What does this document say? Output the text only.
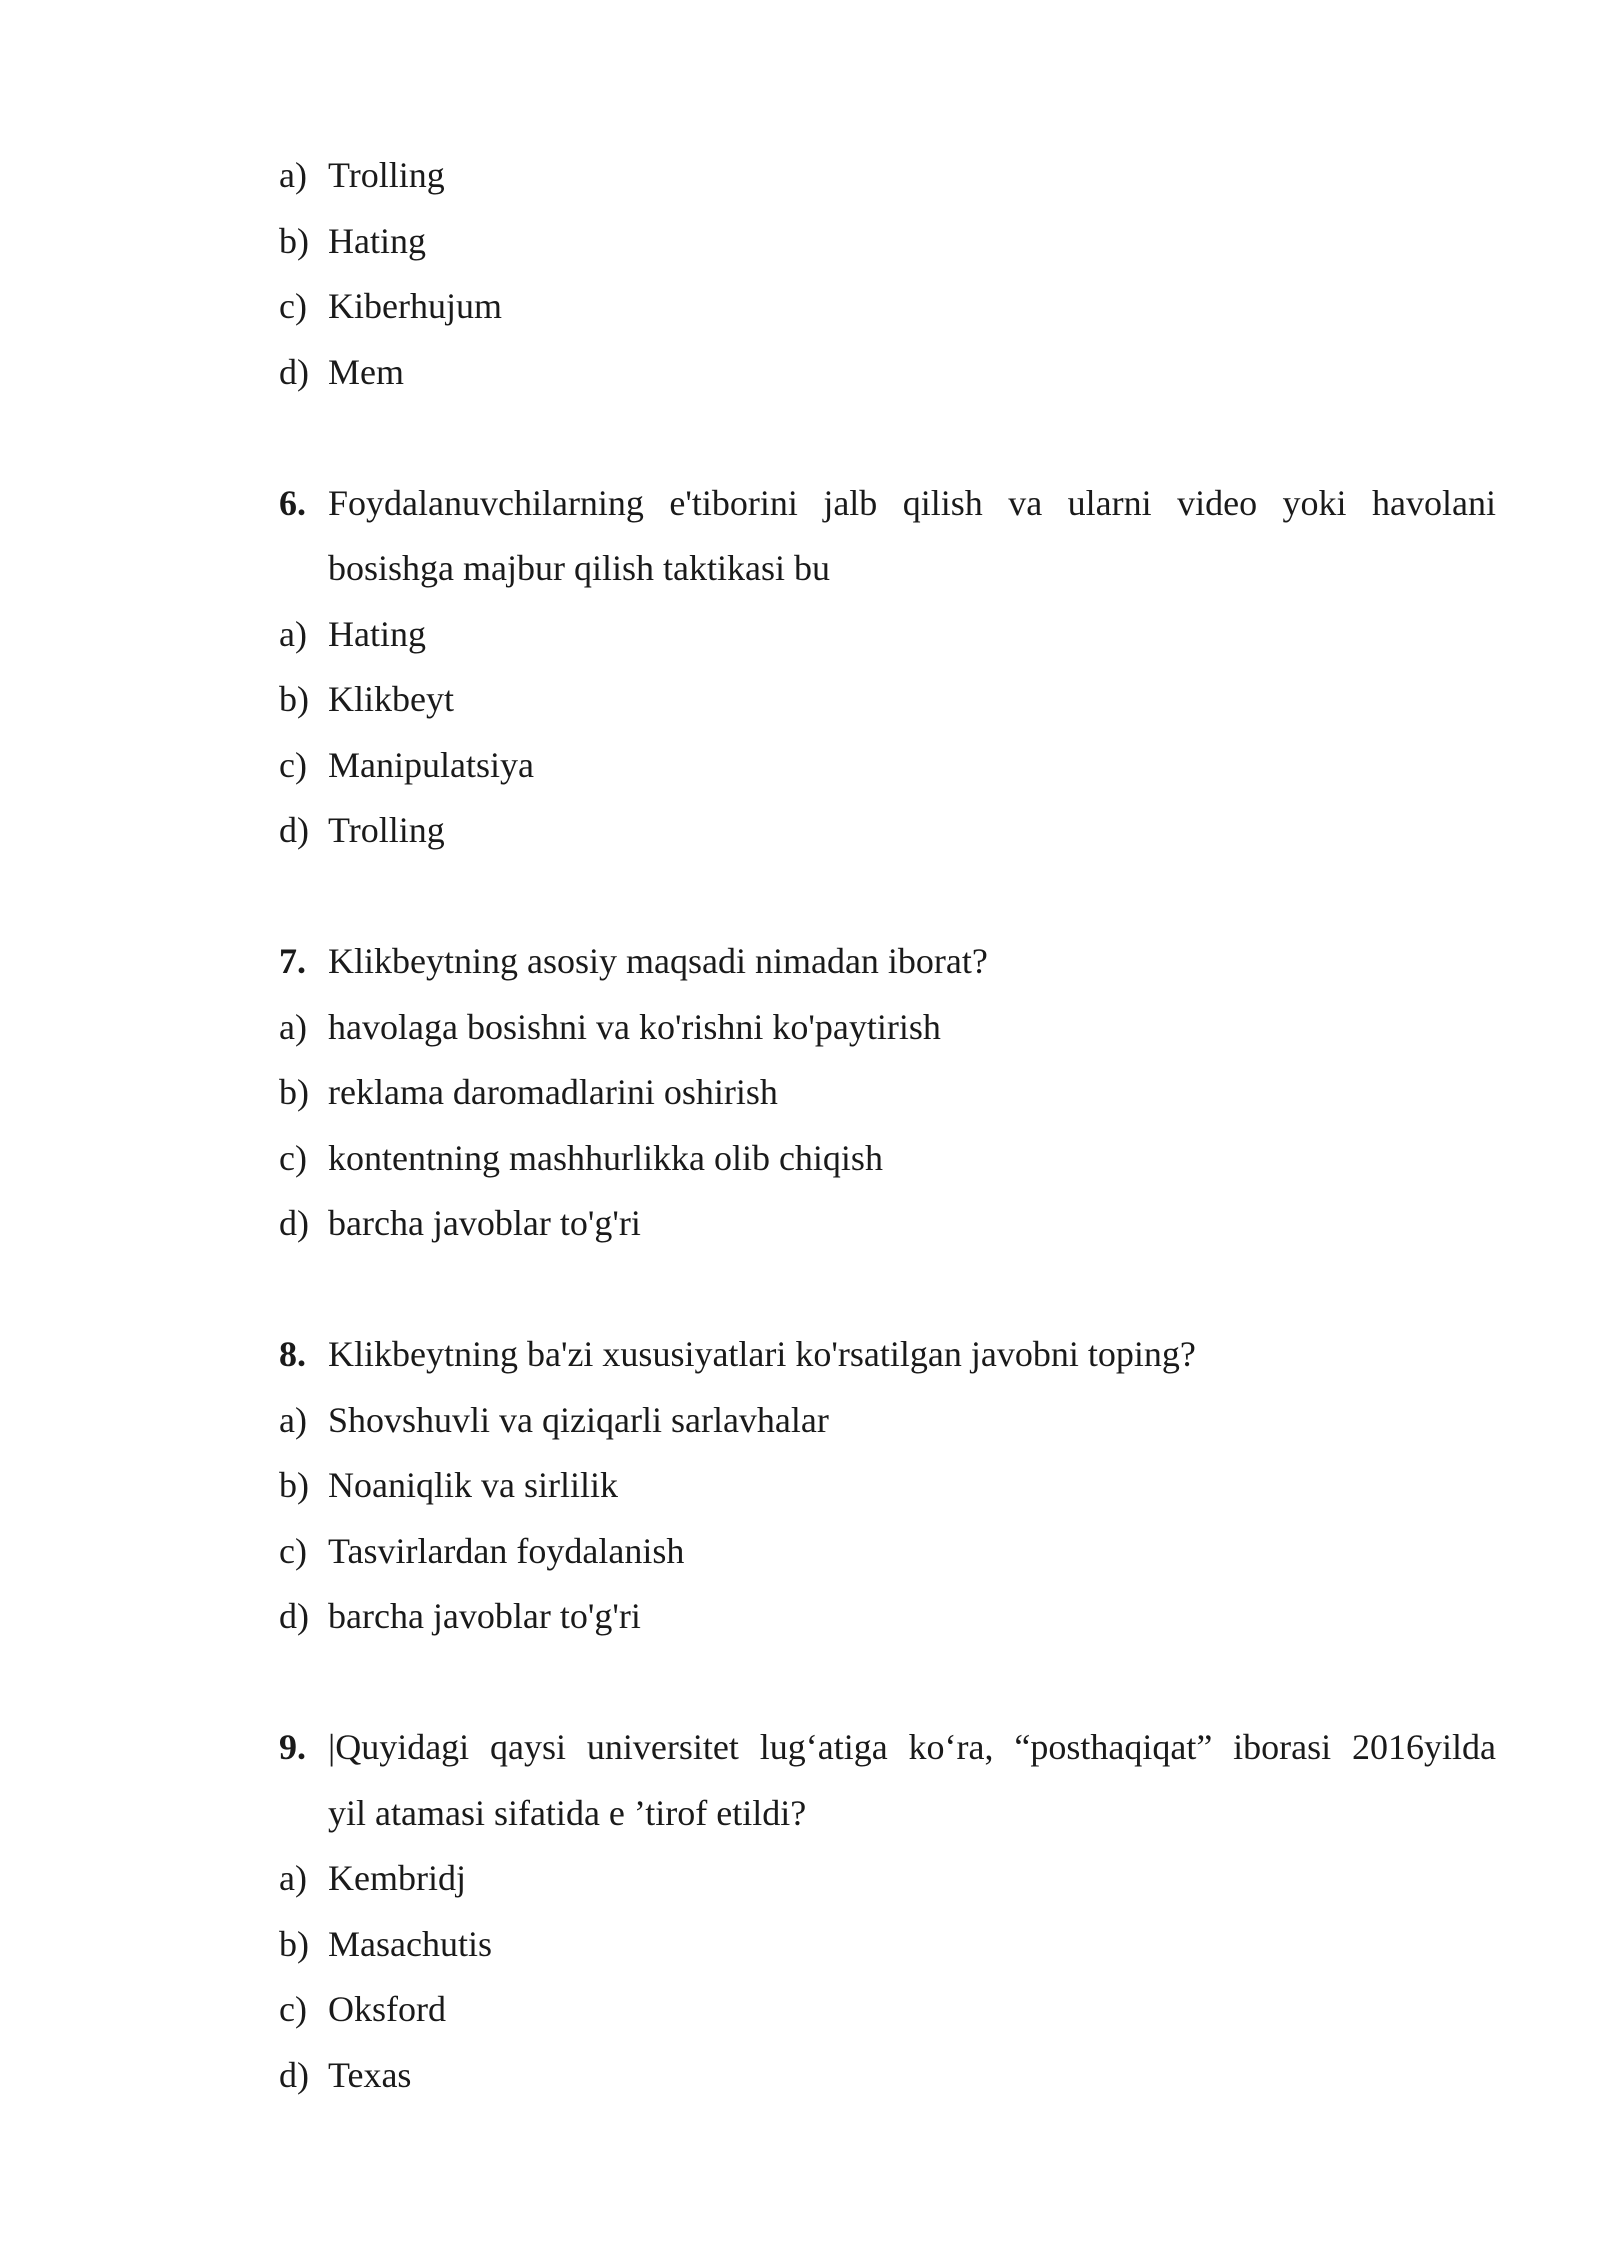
a) Trolling
b) Hating
c) Kiberhujum
d) Mem
6. Foydalanuvchilarning e'tiborini jalb qilish va ularni video yoki havolani
bosishga majbur qilish taktikasi bu
a) Hating
b) Klikbeyt
c) Manipulatsiya
d) Trolling
7. Klikbeytning asosiy maqsadi nimadan iborat?
a) havolaga bosishni va ko'rishni ko'paytirish
b) reklama daromadlarini oshirish
c) kontentning mashhurlikka olib chiqish
d) barcha javoblar to'g'ri
8. Klikbeytning ba'zi xususiyatlari ko'rsatilgan javobni toping?
a) Shovshuvli va qiziqarli sarlavhalar
b) Noaniqlik va sirlilik
c) Tasvirlardan foydalanish
d) barcha javoblar to'g'ri
9. |Quyidagi qaysi universitet lug‘atiga ko‘ra, “posthaqiqat” iborasi 2016yilda
yil atamasi sifatida e ’tirof etildi?
a) Kembridj
b) Masachutis
c) Oksford
d) Texas
